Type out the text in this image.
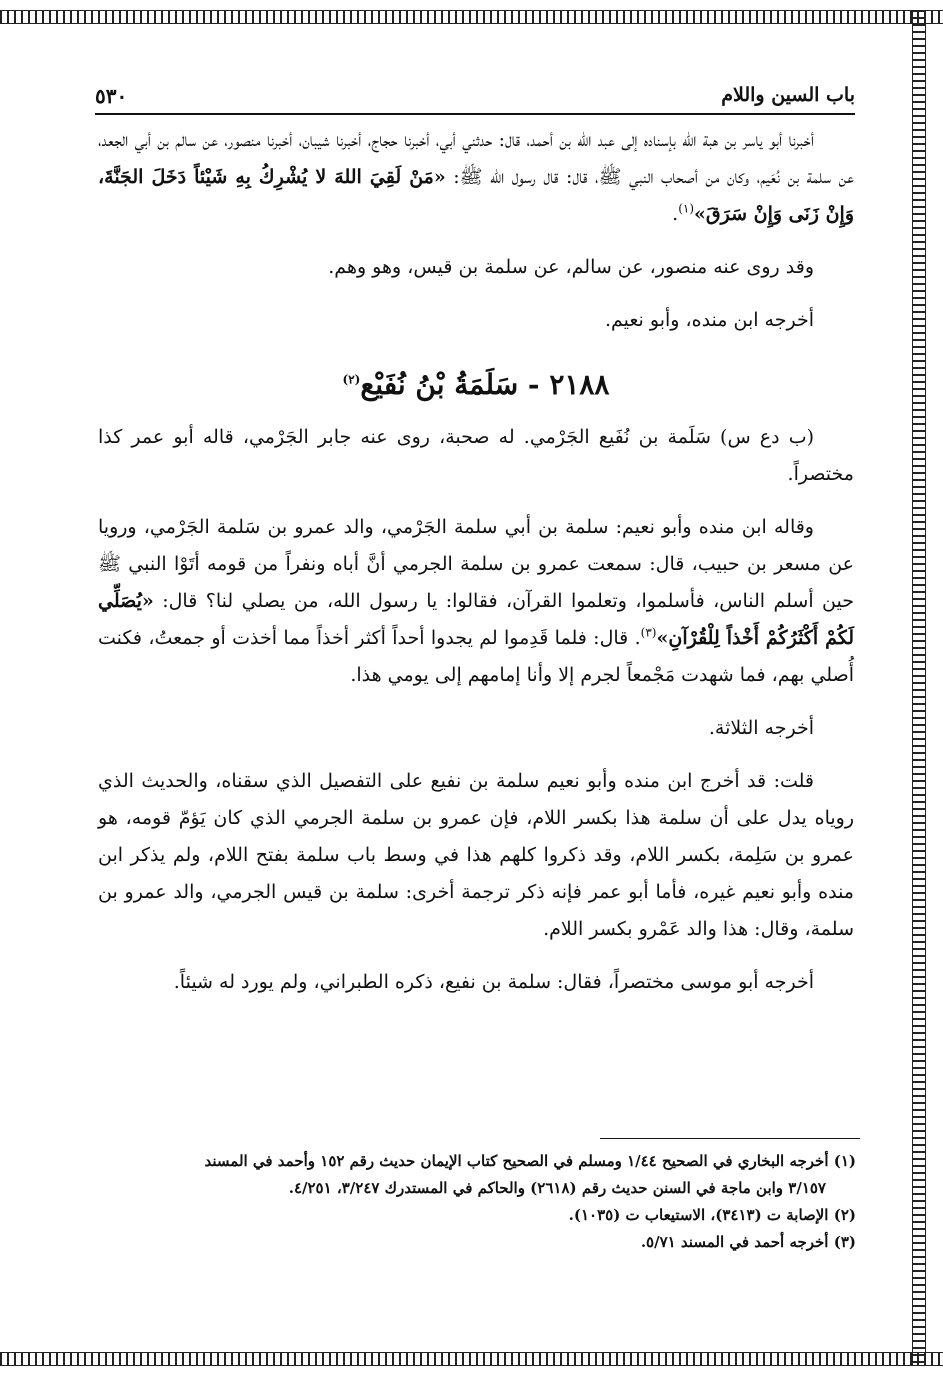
باب السين واللام
٥٣٠

أخبرنا أبو ياسر بن هبة الله بإسناده إلى عبد الله بن أحمد، قال: حدثني أبي، أخبرنا حجاج، أخبرنا شيبان، أخبرنا منصور، عن سالم بن أبي الجعد، عن سلمة بن نُعَيم، وكان من أصحاب النبي ﷺ، قال: قال رسول الله ﷺ: «مَنْ لَقِيَ اللهَ لا يُشْرِكُ بِهِ شَيْئاً دَخَلَ الجَنَّةَ، وَإِنْ زَنَى وَإِنْ سَرَقَ»$^{(١)}$.

وقد روى عنه منصور، عن سالم، عن سلمة بن قيس، وهو وهم.

أخرجه ابن منده، وأبو نعيم.

٢١٨٨ - سَلَمَةُ بْنُ نُفَيْع$^{(٢)}$

(ب دع س) سَلَمة بن نُفَيع الجَرْمي. له صحبة، روى عنه جابر الجَرْمي، قاله أبو عمر كذا مختصراً.

وقاله ابن منده وأبو نعيم: سلمة بن أبي سلمة الجَرْمي، والد عمرو بن سَلمة الجَرْمي، ورويا عن مسعر بن حبيب، قال: سمعت عمرو بن سلمة الجرمي أنَّ أباه ونفراً من قومه أتَوْا النبي ﷺ حين أسلم الناس، فأسلموا، وتعلموا القرآن، فقالوا: يا رسول الله، من يصلي لنا؟ قال: «يُصَلِّي لَكُمْ أَكْثَرُكُمْ أَخْذاً لِلْقُرْآنِ»$^{(٣)}$. قال: فلما قَدِموا لم يجدوا أحداً أكثر أخذاً مما أخذت أو جمعتُ، فكنت أُصلي بهم، فما شهدت مَجْمعاً لجرم إلا وأنا إمامهم إلى يومي هذا.

أخرجه الثلاثة.

قلت: قد أخرج ابن منده وأبو نعيم سلمة بن نفيع على التفصيل الذي سقناه، والحديث الذي روياه يدل على أن سلمة هذا بكسر اللام، فإن عمرو بن سلمة الجرمي الذي كان يَؤمّ قومه، هو عمرو بن سَلِمة، بكسر اللام، وقد ذكروا كلهم هذا في وسط باب سلمة بفتح اللام، ولم يذكر ابن منده وأبو نعيم غيره، فأما أبو عمر فإنه ذكر ترجمة أخرى: سلمة بن قيس الجرمي، والد عمرو بن سلمة، وقال: هذا والد عَمْرو بكسر اللام.

أخرجه أبو موسى مختصراً، فقال: سلمة بن نفيع، ذكره الطبراني، ولم يورد له شيئاً.

(١) أخرجه البخاري في الصحيح ١/٤٤ ومسلم في الصحيح كتاب الإيمان حديث رقم ١٥٢ وأحمد في المسند

٣/١٥٧ وابن ماجة في السنن حديث رقم (٢٦١٨) والحاكم في المستدرك ٣/٢٤٧، ٤/٢٥١.

(٢) الإصابة ت (٣٤١٣)، الاستيعاب ت (١٠٣٥).

(٣) أخرجه أحمد في المسند ٥/٧١.
